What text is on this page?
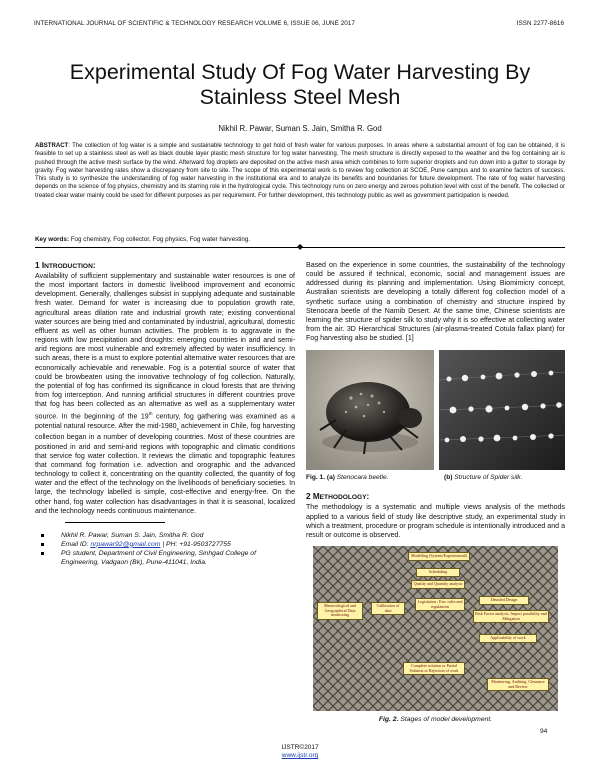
INTERNATIONAL JOURNAL OF SCIENTIFIC & TECHNOLOGY RESEARCH VOLUME 6, ISSUE 06, JUNE 2017	ISSN 2277-8616
Experimental Study Of Fog Water Harvesting By
Stainless Steel Mesh
Nikhil R. Pawar, Suman S. Jain, Smitha R. God
ABSTRACT: The collection of fog water is a simple and sustainable technology to get hold of fresh water for various purposes. In areas where a substantial amount of fog can be obtained, it is feasible to set up a stainless steel as well as black double layer plastic mesh structure for fog water harvesting. The mesh structure is directly exposed to the weather and the fog containing air is pushed through the active mesh surface by the wind. Afterward fog droplets are deposited on the active mesh area which combines to form superior droplets and run down into a gutter to storage by gravity. Fog water harvesting rates show a discrepancy from site to site. The scope of this experimental work is to review fog collection at SCOE, Pune campus and to examine factors of success. This study is to synthesize the understanding of fog water harvesting in the institutional era and to analyze its benefits and boundaries for future development. The rate of fog water harvesting depends on the science of fog physics, chemistry and its starring role in the hydrological cycle. This technology runs on zero energy and zeroes pollution level with cost of the benefit. The collected or treated clear water mainly could be used for different purposes as per requirement. For further development, this technology public as well as government participation is needed.
Key words: Fog chemistry, Fog collector, Fog physics, Fog water harvesting.
◆
1 INTRODUCTION:
Availability of sufficient supplementary and sustainable water resources is one of the most important factors in domestic livelihood improvement and economic development. Generally, challenges subsist in supplying adequate and sustainable fresh water. Demand for water is increasing due to population growth rate, agricultural areas dilation rate and industrial growth rate; existing conventional water sources are being tried and contaminated by industrial, agricultural, domestic effluent as well as other human activities. The problem is to aggravate in the regions with low precipitation and droughts: emerging countries in arid and semi-arid regions are most vulnerable and extremely affected by water insufficiency. In such areas, there is a must to explore potential alternative water resources that are economically achievable and renewable. Fog is a potential source of water that could be browbeaten using the innovative technology of fog collection. Naturally, the potential of fog has confirmed its significance in cloud forests that are thriving from fog interception. And running artificial structures in different countries prove that fog has been collected as an alternative as well as a supplementary water source. In the beginning of the 19th century, fog gathering was examined as a potential natural resource. After the mid-$1980_s$ achievement in Chile, fog harvesting collection began in a number of developing countries. Most of these countries are positioned in arid and semi-arid regions with topographic and climatic conditions that service fog water collection. It reviews the climatic and topographic features that command fog formation i.e. advection and orographic and the advanced technology to collect it, concentrating on the quantity collected, the quantity of fog water and the effect of the technology on the livelihoods of beneficiary societies. In large, the technology labelled is simple, cost-effective and energy-free. On the other hand, fog water collection has disadvantages in that it is seasonal, localized and the technology needs continuous maintenance.
Nikhil R. Pawar, Suman S. Jain, Smitha R. God
Email ID: nrpawar92@gmail.com | PH: +91-9503727755
PG student, Department of Civil Engineering, Sinhgad College of Engineering, Vadgaon (Bk), Pune-411041, India.
Based on the experience in some countries, the sustainability of the technology could be assured if technical, economic, social and management issues are addressed during its planning and implementation. Using Biomimicry concept, Australian scientists are developing a totally different fog collection model of a synthetic surface using a combination of chemistry and structure inspired by Stenocara beetle of the Namib Desert. At the same time, Chinese scientists are learning the structure of spider silk to study why it is so effective at collecting water from the air. 3D Hierarchical Structures (air-plasma-treated Cotula fallax plant) for Fog harvesting also be studied. [1]
Fig. 1. (a) Stenocara beetle.	(b) Structure of Spider silk.
2 METHODOLOGY:
The methodology is a systematic and multiple views analysis of the methods applied to a various field of study like descriptive study, an experimental study in which a treatment, procedure or program schedule is intentionally introduced and a result or outcome is observed.
Modelling (System/Experimental)
Scheduling
Quality and Quantity analysis
Meteorological and Geographical Data monitoring
Calibration of data
Legislation : Env. rules and regulations
Detailed Design
Risk Factor analysis, Impact possibility and Mitigation
Applicability of work
Complete solution or Partial Solution or Rejection of work
Monitoring, Auditing, Clearance and Review
Fig. 2. Stages of model development.
94
IJSTR©2017
www.ijstr.org
